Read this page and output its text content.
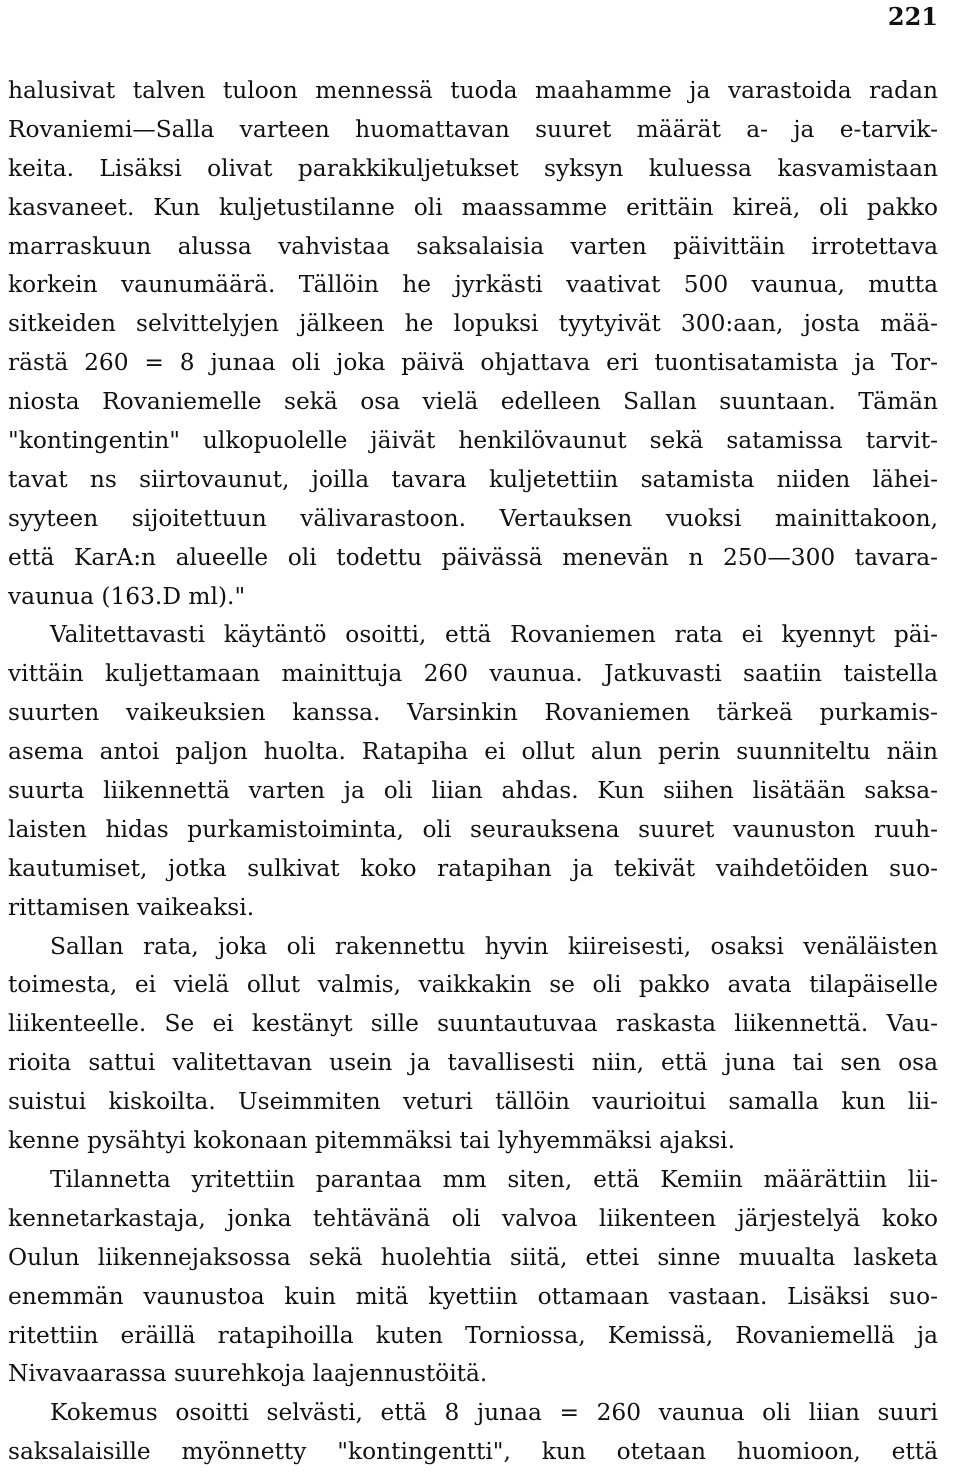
221
halusivat talven tuloon mennessä tuoda maahamme ja varastoida radan
Rovaniemi—Salla varteen huomattavan suuret määrät a- ja e-tarvik-
keita. Lisäksi olivat parakkikuljetukset syksyn kuluessa kasvamistaan
kasvaneet. Kun kuljetustilanne oli maassamme erittäin kireä, oli pakko
marraskuun alussa vahvistaa saksalaisia varten päivittäin irrotettava
korkein vaunumäärä. Tällöin he jyrkästi vaativat 500 vaunua, mutta
sitkeiden selvittelyjen jälkeen he lopuksi tyytyivät 300:aan, josta mää-
rästä 260 = 8 junaa oli joka päivä ohjattava eri tuontisatamista ja Tor-
niosta Rovaniemelle sekä osa vielä edelleen Sallan suuntaan. Tämän
"kontingentin" ulkopuolelle jäivät henkilövaunut sekä satamissa tarvit-
tavat ns siirtovaunut, joilla tavara kuljetettiin satamista niiden lähei-
syyteen sijoitettuun välivarastoon. Vertauksen vuoksi mainittakoon,
että KarA:n alueelle oli todettu päivässä menevän n 250—300 tavara-
vaunua (163.D ml)."
Valitettavasti käytäntö osoitti, että Rovaniemen rata ei kyennyt päi-
vittäin kuljettamaan mainittuja 260 vaunua. Jatkuvasti saatiin taistella
suurten vaikeuksien kanssa. Varsinkin Rovaniemen tärkeä purkamis-
asema antoi paljon huolta. Ratapiha ei ollut alun perin suunniteltu näin
suurta liikennettä varten ja oli liian ahdas. Kun siihen lisätään saksa-
laisten hidas purkamistoiminta, oli seurauksena suuret vaunuston ruuh-
kautumiset, jotka sulkivat koko ratapihan ja tekivät vaihdetöiden suo-
rittamisen vaikeaksi.
Sallan rata, joka oli rakennettu hyvin kiireisesti, osaksi venäläisten
toimesta, ei vielä ollut valmis, vaikkakin se oli pakko avata tilapäiselle
liikenteelle. Se ei kestänyt sille suuntautuvaa raskasta liikennettä. Vau-
rioita sattui valitettavan usein ja tavallisesti niin, että juna tai sen osa
suistui kiskoilta. Useimmiten veturi tällöin vaurioitui samalla kun lii-
kenne pysähtyi kokonaan pitemmäksi tai lyhyemmäksi ajaksi.
Tilannetta yritettiin parantaa mm siten, että Kemiin määrättiin lii-
kennetarkastaja, jonka tehtävänä oli valvoa liikenteen järjestelyä koko
Oulun liikennejaksossa sekä huolehtia siitä, ettei sinne muualta lasketa
enemmän vaunustoa kuin mitä kyettiin ottamaan vastaan. Lisäksi suo-
ritettiin eräillä ratapihoilla kuten Torniossa, Kemissä, Rovaniemellä ja
Nivavaarassa suurehkoja laajennustöitä.
Kokemus osoitti selvästi, että 8 junaa = 260 vaunua oli liian suuri
saksalaisille myönnetty "kontingentti", kun otetaan huomioon, että
